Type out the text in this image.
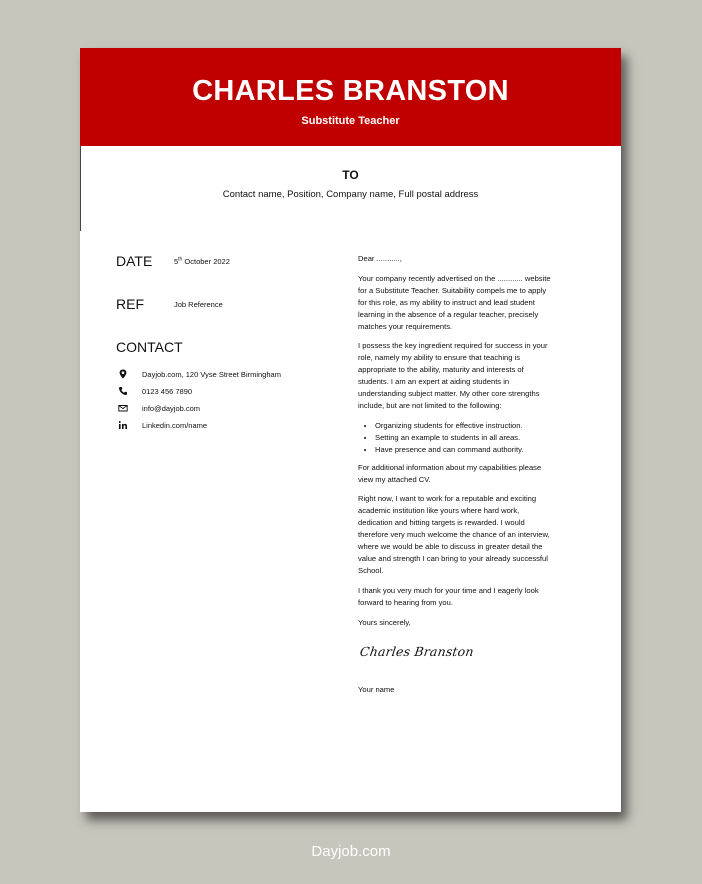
CHARLES BRANSTON
Substitute Teacher
TO
Contact name, Position, Company name, Full postal address
DATE	5th October 2022
REF	Job Reference
CONTACT
Dayjob.com, 120 Vyse Street Birmingham
0123 456 7890
info@dayjob.com
Linkedin.com/name

Dear ...........,

Your company recently advertised on the ............ website for a Substitute Teacher. Suitability compels me to apply for this role, as my ability to instruct and lead student learning in the absence of a regular teacher, precisely matches your requirements.

I possess the key ingredient required for success in your role, namely my ability to ensure that teaching is appropriate to the ability, maturity and interests of students. I am an expert at aiding students in understanding subject matter. My other core strengths include, but are not limited to the following:

• Organizing students for effective instruction.
• Setting an example to students in all areas.
• Have presence and can command authority.

For additional information about my capabilities please view my attached CV.

Right now, I want to work for a reputable and exciting academic institution like yours where hard work, dedication and hitting targets is rewarded. I would therefore very much welcome the chance of an interview, where we would be able to discuss in greater detail the value and strength I can bring to your already successful School.

I thank you very much for your time and I eagerly look forward to hearing from you.

Yours sincerely,

Charles Branston

Your name

Dayjob.com
